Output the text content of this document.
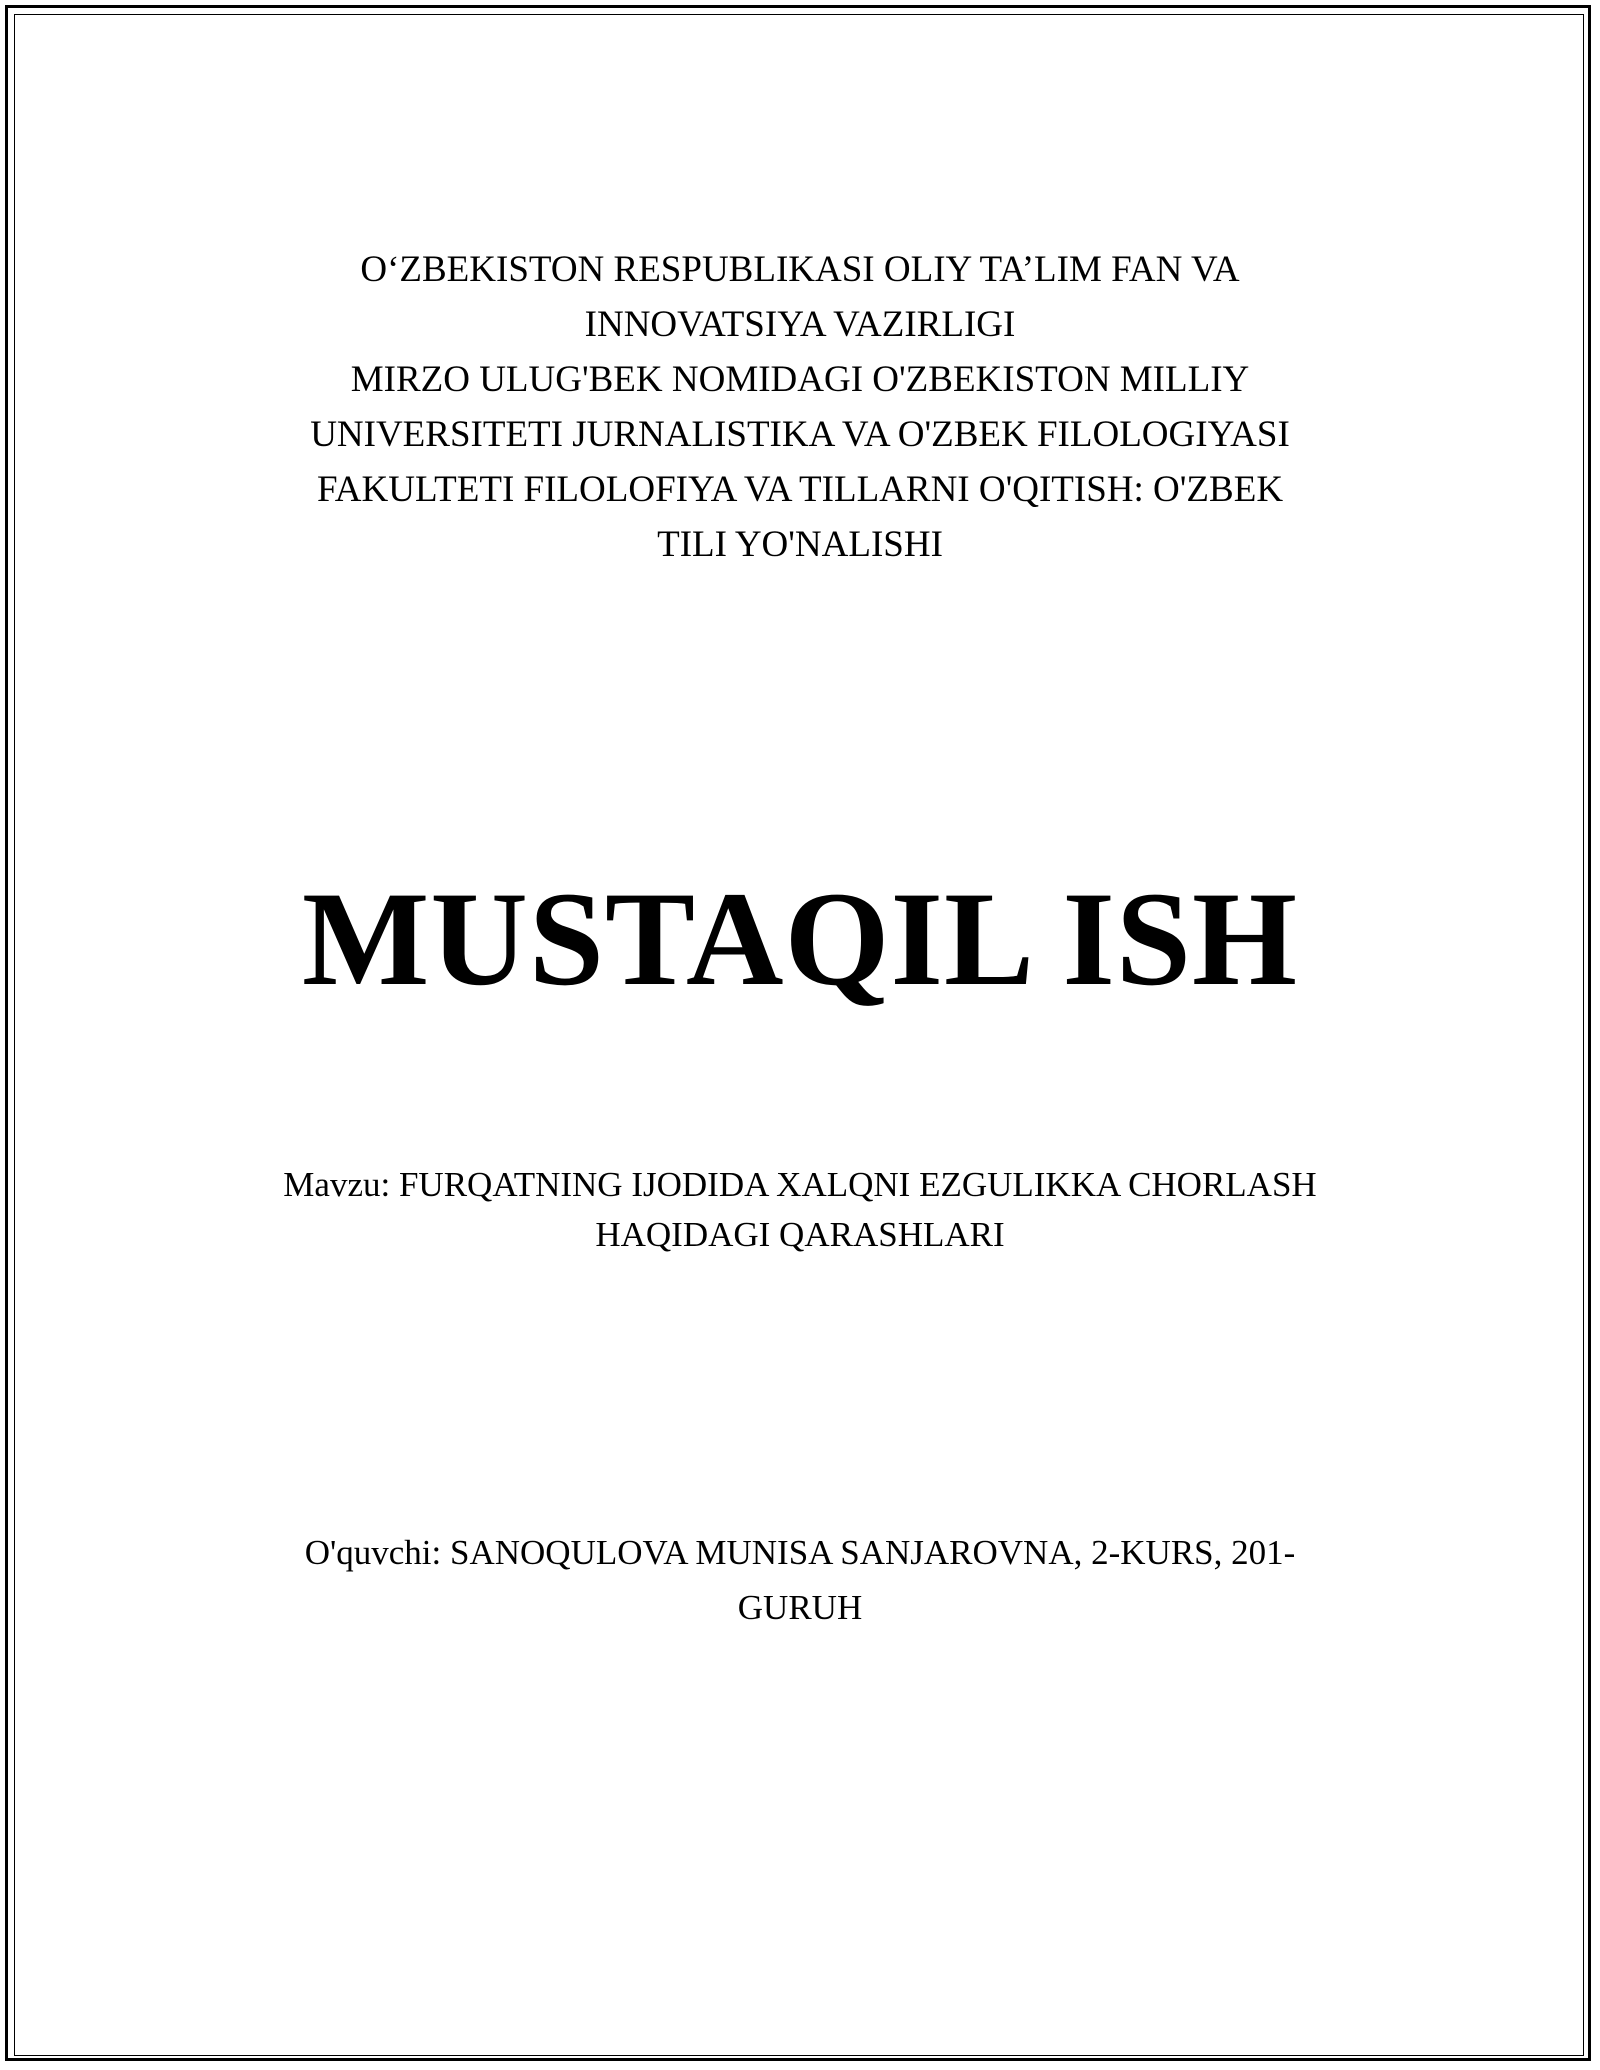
O‘ZBEKISTON RESPUBLIKASI OLIY TA’LIM FAN VA
INNOVATSIYA VAZIRLIGI
MIRZO ULUG'BEK NOMIDAGI O'ZBEKISTON MILLIY
UNIVERSITETI JURNALISTIKA VA O'ZBEK FILOLOGIYASI
FAKULTETI FILOLOFIYA VA TILLARNI O'QITISH: O'ZBEK
TILI YO'NALISHI
MUSTAQIL ISH
Mavzu: FURQATNING IJODIDA XALQNI EZGULIKKA CHORLASH
HAQIDAGI QARASHLARI
O'quvchi: SANOQULOVA MUNISA SANJAROVNA, 2-KURS, 201-
GURUH
